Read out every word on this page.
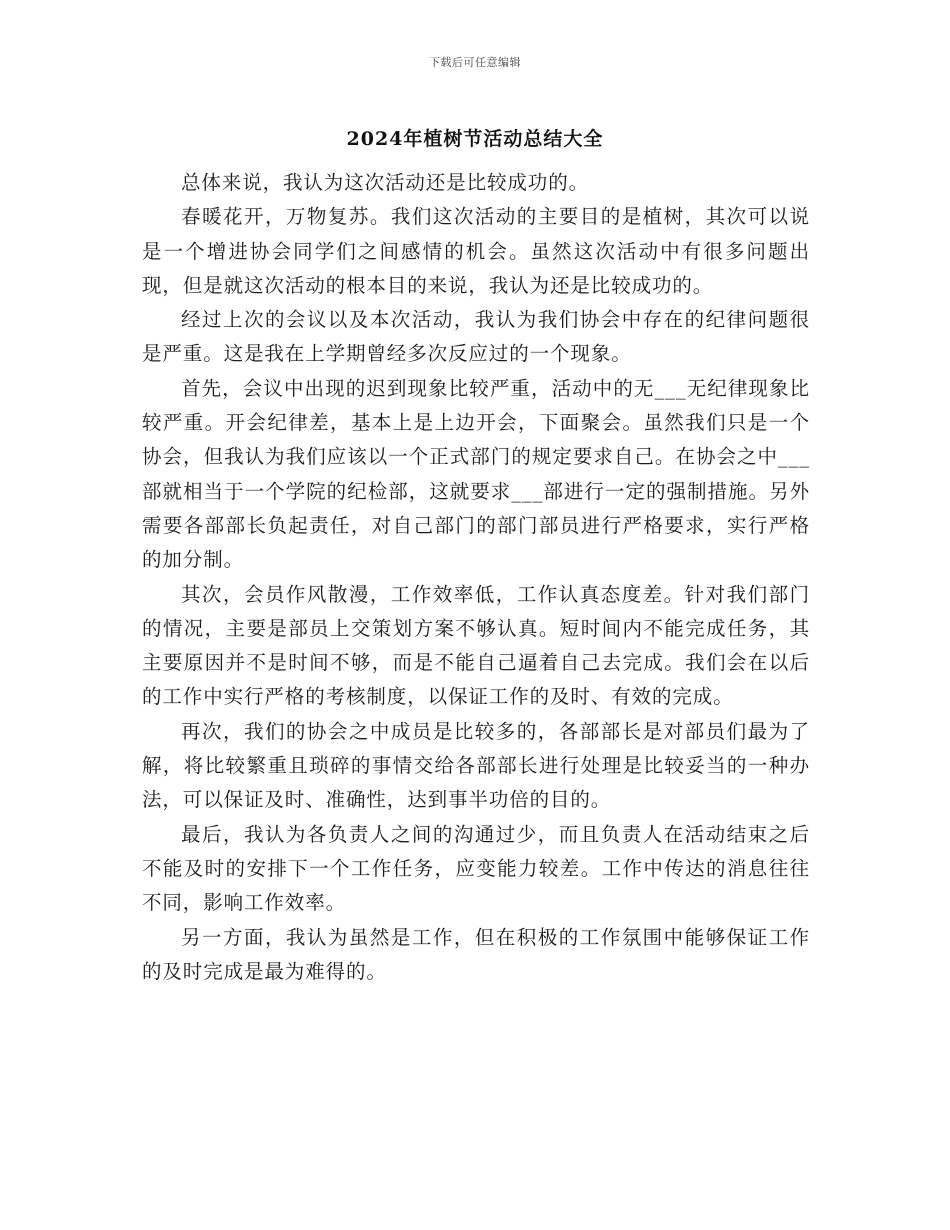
下载后可任意编辑
2024年植树节活动总结大全

总体来说，我认为这次活动还是比较成功的。

春暖花开，万物复苏。我们这次活动的主要目的是植树，其次可以说是一个增进协会同学们之间感情的机会。虽然这次活动中有很多问题出现，但是就这次活动的根本目的来说，我认为还是比较成功的。

经过上次的会议以及本次活动，我认为我们协会中存在的纪律问题很是严重。这是我在上学期曾经多次反应过的一个现象。

首先，会议中出现的迟到现象比较严重，活动中的无___无纪律现象比较严重。开会纪律差，基本上是上边开会，下面聚会。虽然我们只是一个协会，但我认为我们应该以一个正式部门的规定要求自己。在协会之中___部就相当于一个学院的纪检部，这就要求___部进行一定的强制措施。另外需要各部部长负起责任，对自己部门的部门部员进行严格要求，实行严格的加分制。

其次，会员作风散漫，工作效率低，工作认真态度差。针对我们部门的情况，主要是部员上交策划方案不够认真。短时间内不能完成任务，其主要原因并不是时间不够，而是不能自己逼着自己去完成。我们会在以后的工作中实行严格的考核制度，以保证工作的及时、有效的完成。

再次，我们的协会之中成员是比较多的，各部部长是对部员们最为了解，将比较繁重且琐碎的事情交给各部部长进行处理是比较妥当的一种办法，可以保证及时、准确性，达到事半功倍的目的。

最后，我认为各负责人之间的沟通过少，而且负责人在活动结束之后不能及时的安排下一个工作任务，应变能力较差。工作中传达的消息往往不同，影响工作效率。

另一方面，我认为虽然是工作，但在积极的工作氛围中能够保证工作的及时完成是最为难得的。
